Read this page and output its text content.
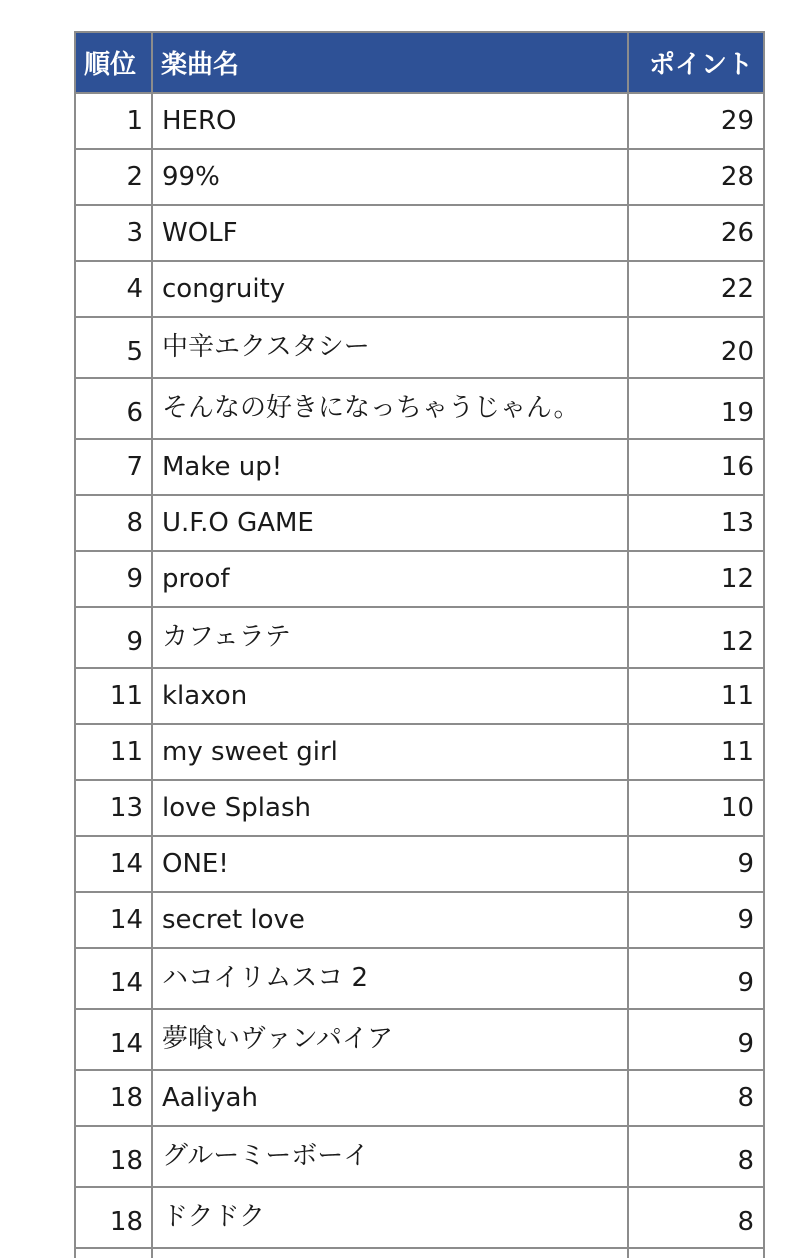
順位	楽曲名	ポイント
1	HERO	29
2	99%	28
3	WOLF	26
4	congruity	22
5	中辛エクスタシー	20
6	そんなの好きになっちゃうじゃん。	19
7	Make up!	16
8	U.F.O GAME	13
9	proof	12
9	カフェラテ	12
11	klaxon	11
11	my sweet girl	11
13	love Splash	10
14	ONE!	9
14	secret love	9
14	ハコイリムスコ 2	9
14	夢喰いヴァンパイア	9
18	Aaliyah	8
18	グルーミーボーイ	8
18	ドクドク	8
